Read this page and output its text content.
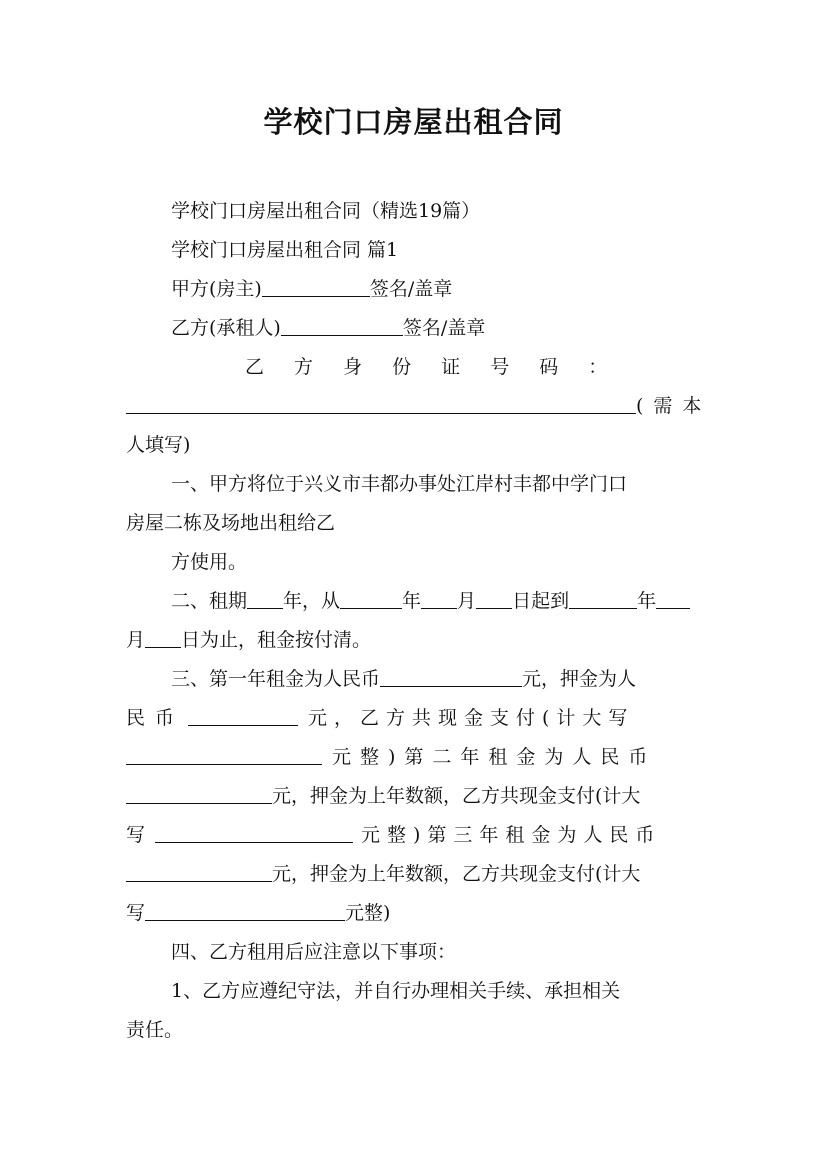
学校门口房屋出租合同
学校门口房屋出租合同（精选19篇）
学校门口房屋出租合同 篇1
甲方(房主)	签名/盖章
乙方(承租人)	签名/盖章
乙 方 身 份 证 号 码 ：
(需本
人填写)
一、甲方将位于兴义市丰都办事处江岸村丰都中学门口
房屋二栋及场地出租给乙
方使用。
二、租期 年，从	年 月 日起到	年
月 日为止，租金按付清。
三、第一年租金为人民币	元，押金为人
民币	元，乙方共现金支付(计大写
元整)第二年租金为人民币
元，押金为上年数额，乙方共现金支付(计大
写	元整)第三年租金为人民币
元，押金为上年数额，乙方共现金支付(计大
写	元整)
四、乙方租用后应注意以下事项：
1、乙方应遵纪守法，并自行办理相关手续、承担相关
责任。
